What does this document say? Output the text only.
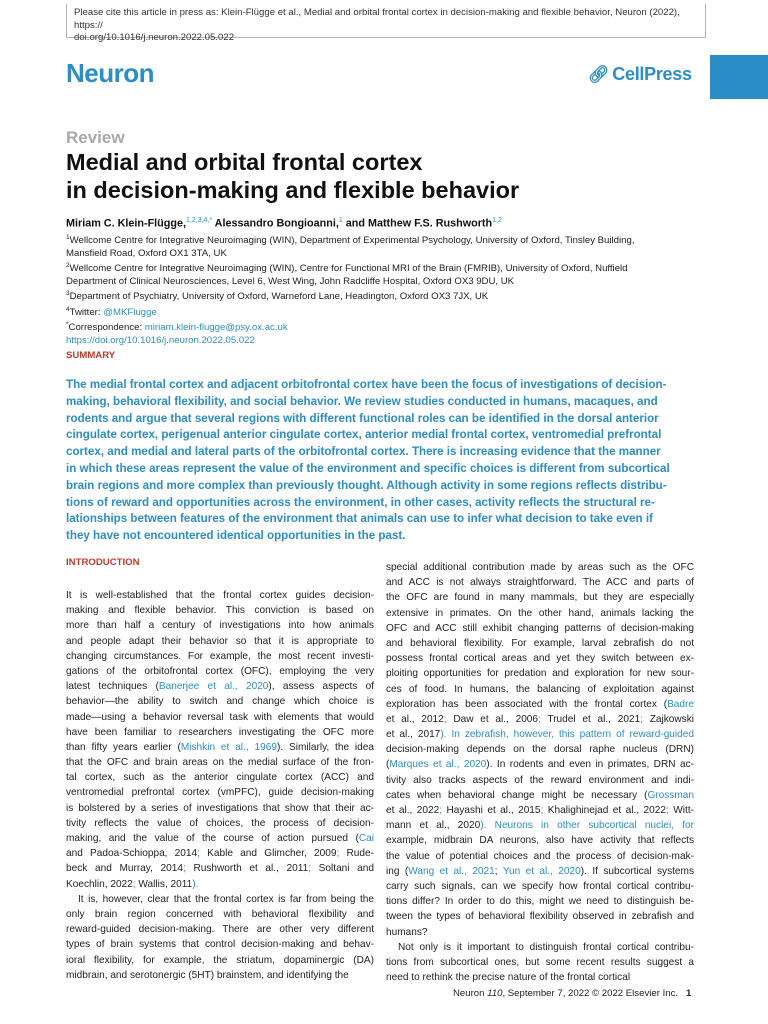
Please cite this article in press as: Klein-Flügge et al., Medial and orbital frontal cortex in decision-making and flexible behavior, Neuron (2022), https://
doi.org/10.1016/j.neuron.2022.05.022
Neuron	🔗︎ CellPress
Review
Medial and orbital frontal cortex
in decision-making and flexible behavior
Miriam C. Klein-Flügge,$^{1,2,3,4,*}$ Alessandro Bongioanni,$^1$ and Matthew F.S. Rushworth$^{1,2}$

$^1$Wellcome Centre for Integrative Neuroimaging (WIN), Department of Experimental Psychology, University of Oxford, Tinsley Building,

Mansfield Road, Oxford OX1 3TA, UK

$^2$Wellcome Centre for Integrative Neuroimaging (WIN), Centre for Functional MRI of the Brain (FMRIB), University of Oxford, Nuffield

Department of Clinical Neurosciences, Level 6, West Wing, John Radcliffe Hospital, Oxford OX3 9DU, UK

$^3$Department of Psychiatry, University of Oxford, Warneford Lane, Headington, Oxford OX3 7JX, UK

$^4$Twitter: @MKFlugge

*Correspondence: miriam.klein-flugge@psy.ox.ac.uk

https://doi.org/10.1016/j.neuron.2022.05.022

SUMMARY
The medial frontal cortex and adjacent orbitofrontal cortex have been the focus of investigations of decision-
making, behavioral flexibility, and social behavior. We review studies conducted in humans, macaques, and
rodents and argue that several regions with different functional roles can be identified in the dorsal anterior
cingulate cortex, perigenual anterior cingulate cortex, anterior medial frontal cortex, ventromedial prefrontal
cortex, and medial and lateral parts of the orbitofrontal cortex. There is increasing evidence that the manner
in which these areas represent the value of the environment and specific choices is different from subcortical
brain regions and more complex than previously thought. Although activity in some regions reflects distribu-
tions of reward and opportunities across the environment, in other cases, activity reflects the structural re-
lationships between features of the environment that animals can use to infer what decision to take even if
they have not encountered identical opportunities in the past.
INTRODUCTION
It is well-established that the frontal cortex guides decision-
making and flexible behavior. This conviction is based on
more than half a century of investigations into how animals
and people adapt their behavior so that it is appropriate to
changing circumstances. For example, the most recent investi-
gations of the orbitofrontal cortex (OFC), employing the very
latest techniques (Banerjee et al., 2020), assess aspects of
behavior—the ability to switch and change which choice is
made—using a behavior reversal task with elements that would
have been familiar to researchers investigating the OFC more
than fifty years earlier (Mishkin et al., 1969). Similarly, the idea
that the OFC and brain areas on the medial surface of the fron-
tal cortex, such as the anterior cingulate cortex (ACC) and
ventromedial prefrontal cortex (vmPFC), guide decision-making
is bolstered by a series of investigations that show that their ac-
tivity reflects the value of choices, the process of decision-
making, and the value of the course of action pursued (Cai
and Padoa-Schioppa, 2014; Kable and Glimcher, 2009; Rude-
beck and Murray, 2014; Rushworth et al., 2011; Soltani and
Koechlin, 2022; Wallis, 2011).
It is, however, clear that the frontal cortex is far from being the
only brain region concerned with behavioral flexibility and
reward-guided decision-making. There are other very different
types of brain systems that control decision-making and behav-
ioral flexibility, for example, the striatum, dopaminergic (DA)
midbrain, and serotonergic (5HT) brainstem, and identifying the
special additional contribution made by areas such as the OFC
and ACC is not always straightforward. The ACC and parts of
the OFC are found in many mammals, but they are especially
extensive in primates. On the other hand, animals lacking the
OFC and ACC still exhibit changing patterns of decision-making
and behavioral flexibility. For example, larval zebrafish do not
possess frontal cortical areas and yet they switch between ex-
ploiting opportunities for predation and exploration for new sour-
ces of food. In humans, the balancing of exploitation against
exploration has been associated with the frontal cortex (Badre
et al., 2012; Daw et al., 2006; Trudel et al., 2021; Zajkowski
et al., 2017). In zebrafish, however, this pattern of reward-guided
decision-making depends on the dorsal raphe nucleus (DRN)
(Marques et al., 2020). In rodents and even in primates, DRN ac-
tivity also tracks aspects of the reward environment and indi-
cates when behavioral change might be necessary (Grossman
et al., 2022; Hayashi et al., 2015; Khalighinejad et al., 2022; Witt-
mann et al., 2020). Neurons in other subcortical nuclei, for
example, midbrain DA neurons, also have activity that reflects
the value of potential choices and the process of decision-mak-
ing (Wang et al., 2021; Yun et al., 2020). If subcortical systems
carry such signals, can we specify how frontal cortical contribu-
tions differ? In order to do this, might we need to distinguish be-
tween the types of behavioral flexibility observed in zebrafish and
humans?
Not only is it important to distinguish frontal cortical contribu-
tions from subcortical ones, but some recent results suggest a
need to rethink the precise nature of the frontal cortical
Neuron 110, September 7, 2022 © 2022 Elsevier Inc. 1
